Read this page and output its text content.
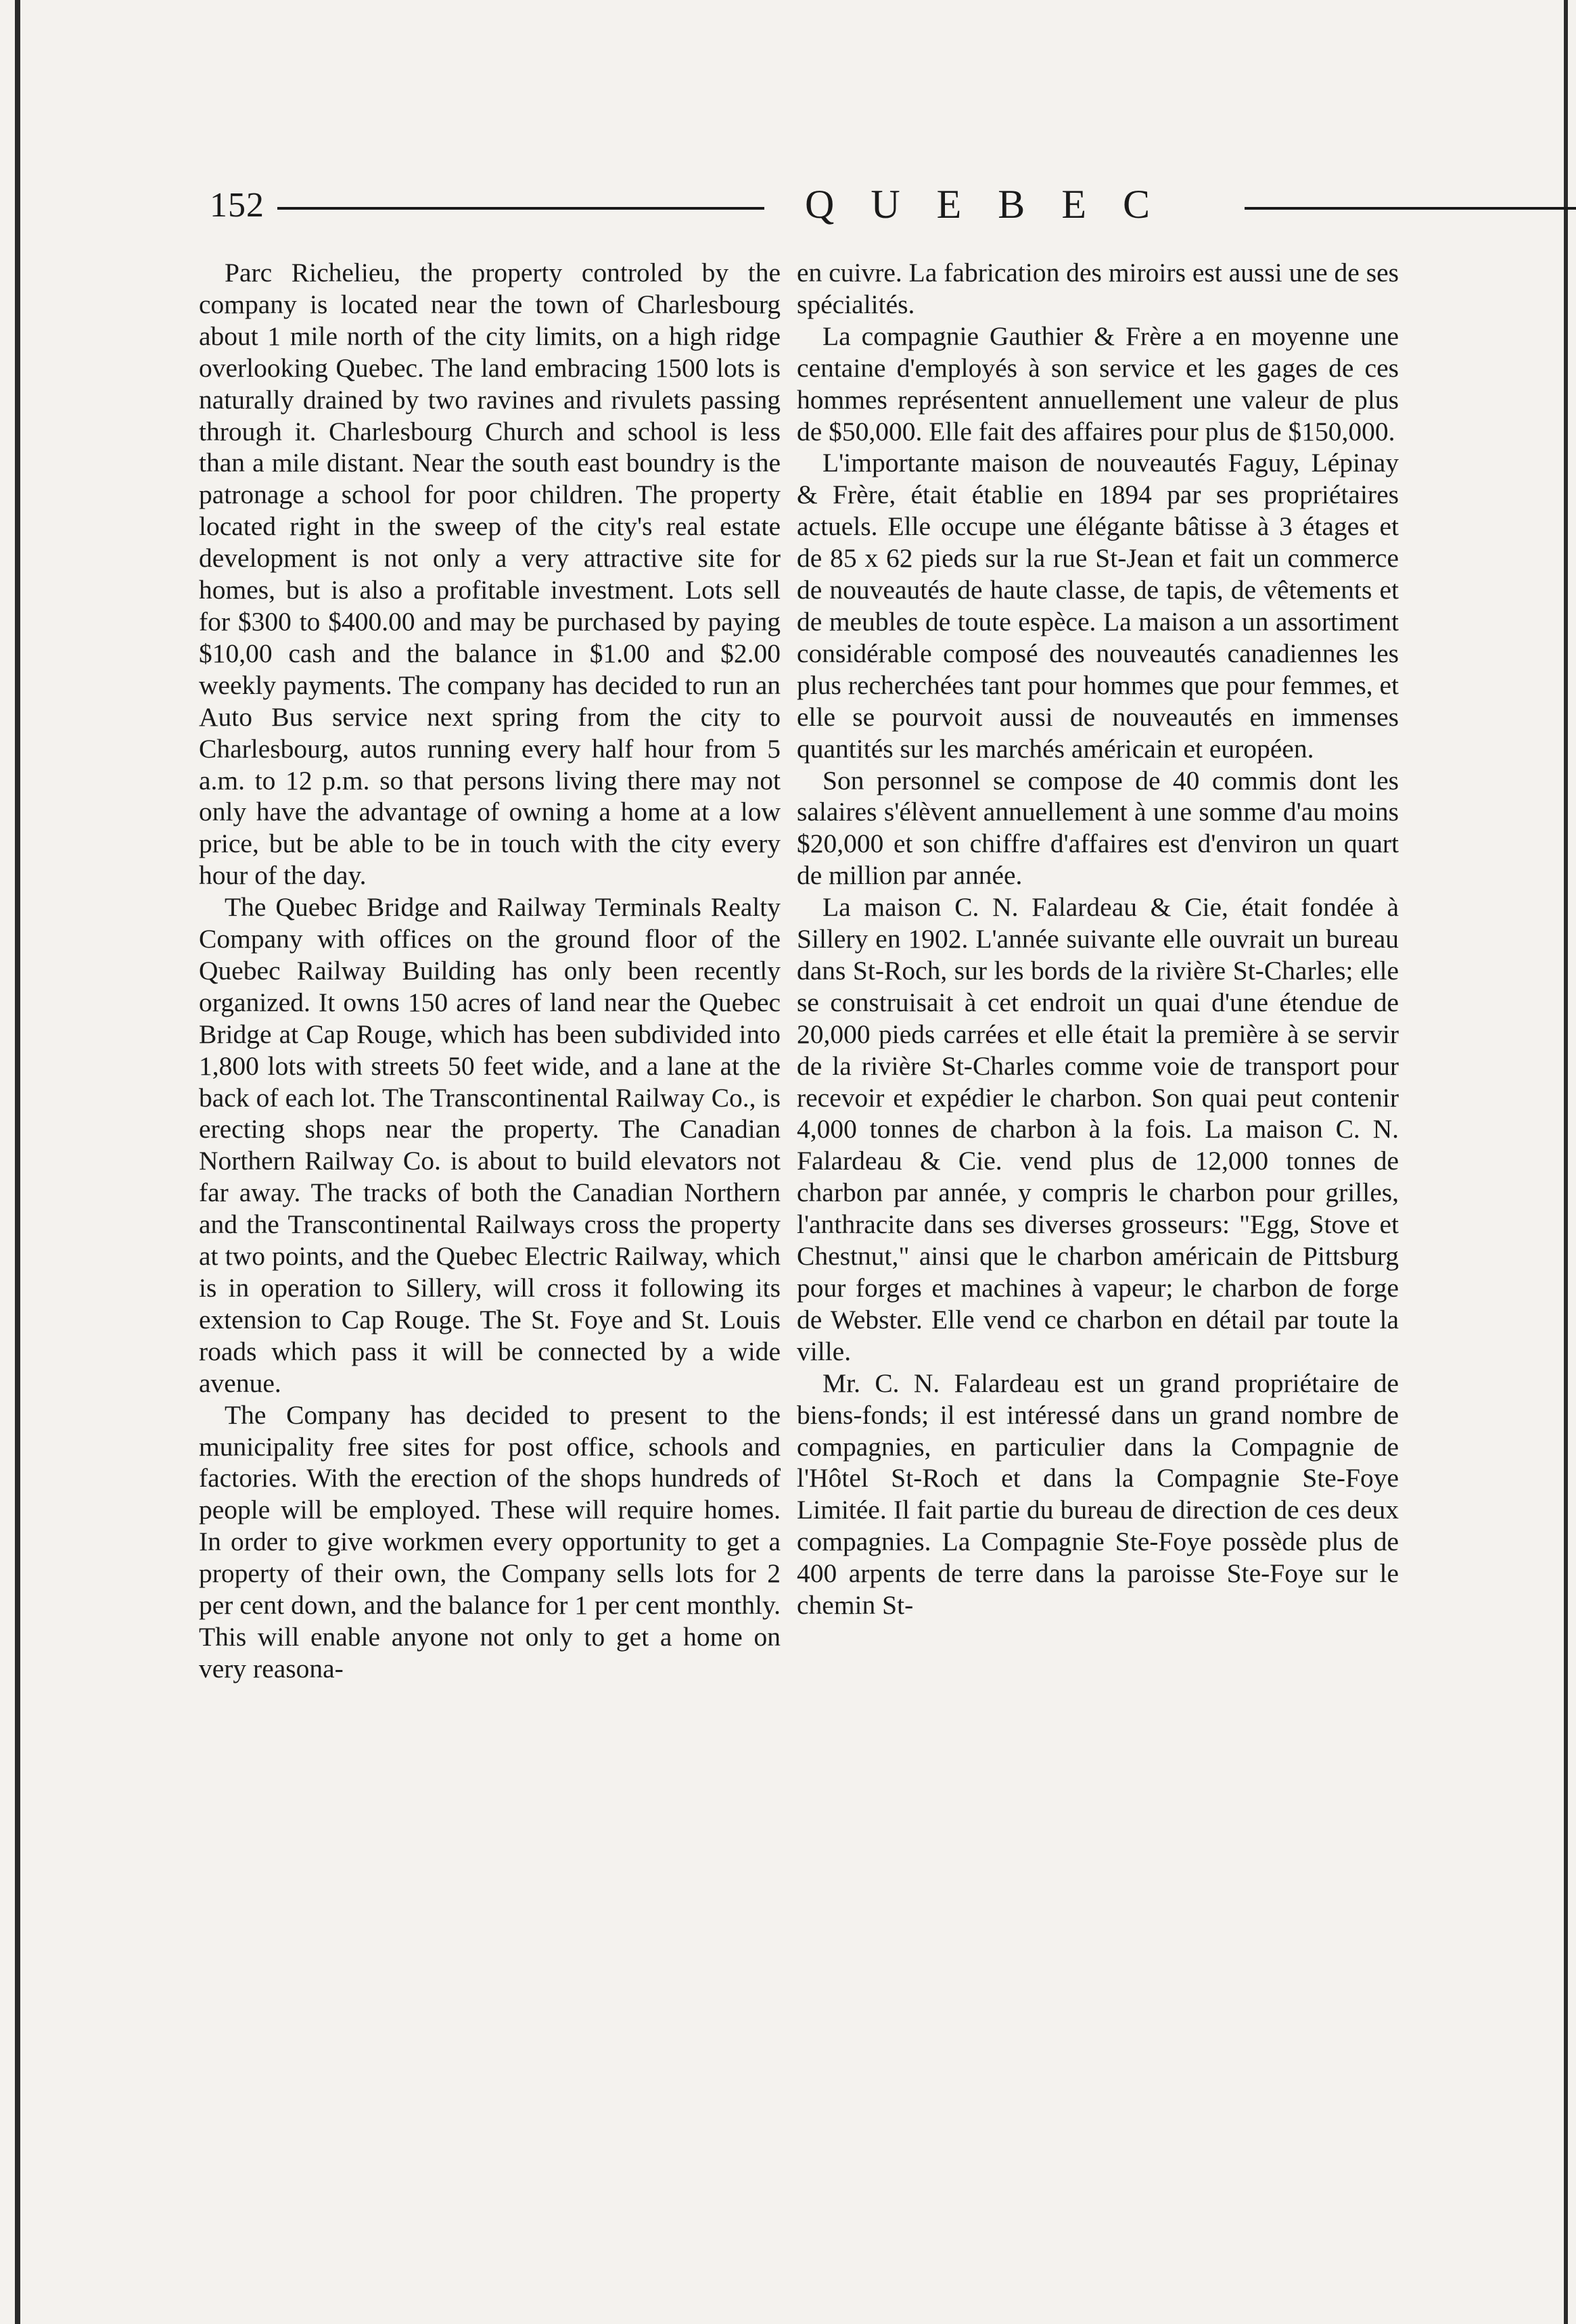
152	QUEBEC

Parc Richelieu, the property controled by the company is located near the town of Charlesbourg about 1 mile north of the city limits, on a high ridge overlooking Quebec. The land embracing 1500 lots is naturally drained by two ravines and rivulets passing through it. Charlesbourg Church and school is less than a mile distant. Near the south east boundry is the patronage a school for poor children. The property located right in the sweep of the city's real estate development is not only a very attractive site for homes, but is also a profitable investment. Lots sell for $300 to $400.00 and may be purchased by paying $10,00 cash and the balance in $1.00 and $2.00 weekly payments. The company has decided to run an Auto Bus service next spring from the city to Charlesbourg, autos running every half hour from 5 a.m. to 12 p.m. so that persons living there may not only have the advantage of owning a home at a low price, but be able to be in touch with the city every hour of the day.

The Quebec Bridge and Railway Terminals Realty Company with offices on the ground floor of the Quebec Railway Building has only been recently organized. It owns 150 acres of land near the Quebec Bridge at Cap Rouge, which has been subdivided into 1,800 lots with streets 50 feet wide, and a lane at the back of each lot. The Transcontinental Railway Co., is erecting shops near the property. The Canadian Northern Railway Co. is about to build elevators not far away. The tracks of both the Canadian Northern and the Transcontinental Railways cross the property at two points, and the Quebec Electric Railway, which is in operation to Sillery, will cross it following its extension to Cap Rouge. The St. Foye and St. Louis roads which pass it will be connected by a wide avenue.

The Company has decided to present to the municipality free sites for post office, schools and factories. With the erection of the shops hundreds of people will be employed. These will require homes. In order to give workmen every opportunity to get a property of their own, the Company sells lots for 2 per cent down, and the balance for 1 per cent monthly. This will enable anyone not only to get a home on very reasona-

en cuivre. La fabrication des miroirs est aussi une de ses spécialités.

La compagnie Gauthier & Frère a en moyenne une centaine d'employés à son service et les gages de ces hommes représentent annuellement une valeur de plus de $50,000. Elle fait des affaires pour plus de $150,000.

L'importante maison de nouveautés Faguy, Lépinay & Frère, était établie en 1894 par ses propriétaires actuels. Elle occupe une élégante bâtisse à 3 étages et de 85 x 62 pieds sur la rue St-Jean et fait un commerce de nouveautés de haute classe, de tapis, de vêtements et de meubles de toute espèce. La maison a un assortiment considérable composé des nouveautés canadiennes les plus recherchées tant pour hommes que pour femmes, et elle se pourvoit aussi de nouveautés en immenses quantités sur les marchés américain et européen.

Son personnel se compose de 40 commis dont les salaires s'élèvent annuellement à une somme d'au moins $20,000 et son chiffre d'affaires est d'environ un quart de million par année.

La maison C. N. Falardeau & Cie, était fondée à Sillery en 1902. L'année suivante elle ouvrait un bureau dans St-Roch, sur les bords de la rivière St-Charles; elle se construisait à cet endroit un quai d'une étendue de 20,000 pieds carrées et elle était la première à se servir de la rivière St-Charles comme voie de transport pour recevoir et expédier le charbon. Son quai peut contenir 4,000 tonnes de charbon à la fois. La maison C. N. Falardeau & Cie. vend plus de 12,000 tonnes de charbon par année, y compris le charbon pour grilles, l'anthracite dans ses diverses grosseurs: "Egg, Stove et Chestnut," ainsi que le charbon américain de Pittsburg pour forges et machines à vapeur; le charbon de forge de Webster. Elle vend ce charbon en détail par toute la ville.

Mr. C. N. Falardeau est un grand propriétaire de biens-fonds; il est intéressé dans un grand nombre de compagnies, en particulier dans la Compagnie de l'Hôtel St-Roch et dans la Compagnie Ste-Foye Limitée. Il fait partie du bureau de direction de ces deux compagnies. La Compagnie Ste-Foye possède plus de 400 arpents de terre dans la paroisse Ste-Foye sur le chemin St-
